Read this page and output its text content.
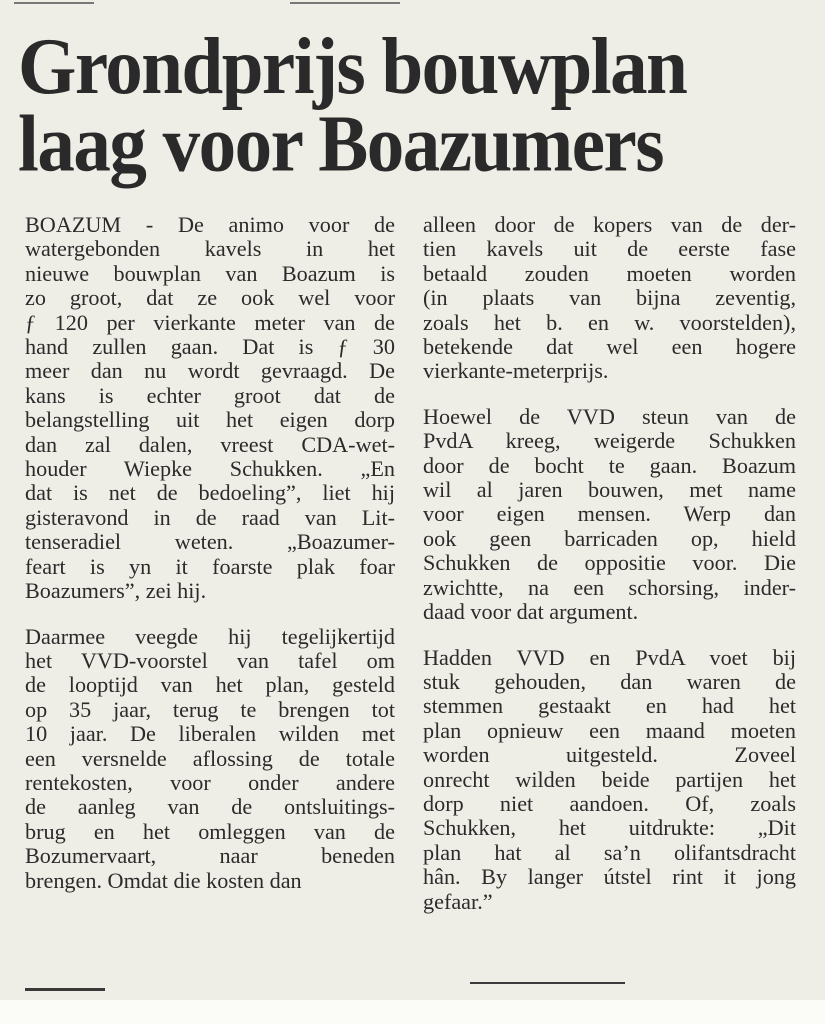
Grondprijs bouwplan
laag voor Boazumers
BOAZUM - De animo voor de
watergebonden kavels in het
nieuwe bouwplan van Boazum is
zo groot, dat ze ook wel voor
ƒ 120 per vierkante meter van de
hand zullen gaan. Dat is ƒ 30
meer dan nu wordt gevraagd. De
kans is echter groot dat de
belangstelling uit het eigen dorp
dan zal dalen, vreest CDA-wet-
houder Wiepke Schukken. „En
dat is net de bedoeling”, liet hij
gisteravond in de raad van Lit-
tenseradiel weten. „Boazumer-
feart is yn it foarste plak foar
Boazumers”, zei hij.
Daarmee veegde hij tegelijkertijd
het VVD-voorstel van tafel om
de looptijd van het plan, gesteld
op 35 jaar, terug te brengen tot
10 jaar. De liberalen wilden met
een versnelde aflossing de totale
rentekosten, voor onder andere
de aanleg van de ontsluitings-
brug en het omleggen van de
Bozumervaart, naar beneden
brengen. Omdat die kosten dan
alleen door de kopers van de der-
tien kavels uit de eerste fase
betaald zouden moeten worden
(in plaats van bijna zeventig,
zoals het b. en w. voorstelden),
betekende dat wel een hogere
vierkante-meterprijs.
Hoewel de VVD steun van de
PvdA kreeg, weigerde Schukken
door de bocht te gaan. Boazum
wil al jaren bouwen, met name
voor eigen mensen. Werp dan
ook geen barricaden op, hield
Schukken de oppositie voor. Die
zwichtte, na een schorsing, inder-
daad voor dat argument.
Hadden VVD en PvdA voet bij
stuk gehouden, dan waren de
stemmen gestaakt en had het
plan opnieuw een maand moeten
worden uitgesteld. Zoveel
onrecht wilden beide partijen het
dorp niet aandoen. Of, zoals
Schukken, het uitdrukte: „Dit
plan hat al sa’n olifantsdracht
hân. By langer útstel rint it jong
gefaar.”
